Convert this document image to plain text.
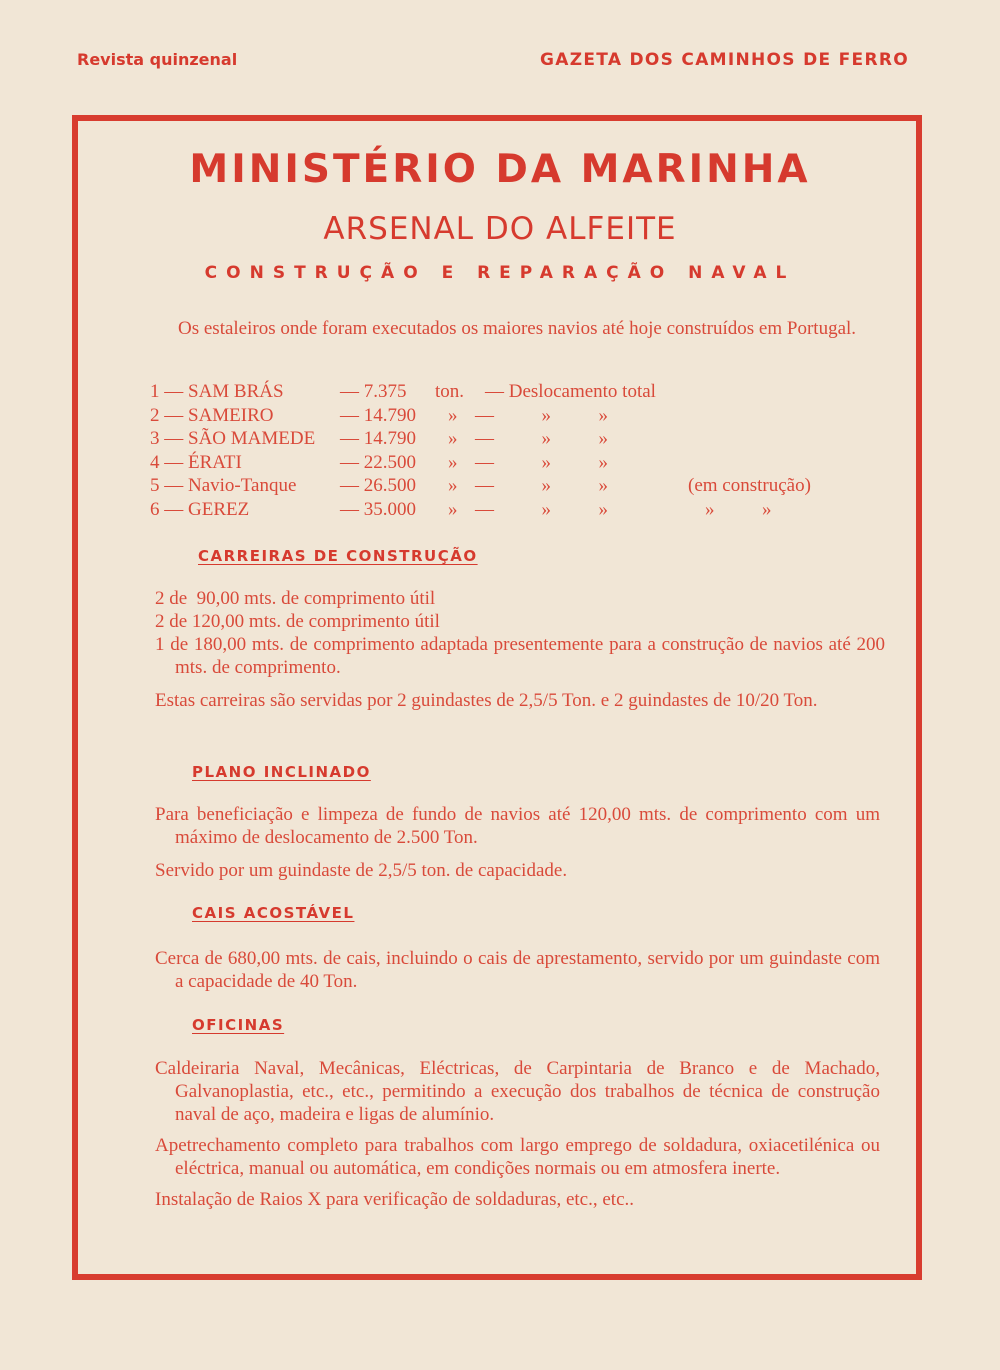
Revista quinzenal	GAZETA DOS CAMINHOS DE FERRO
MINISTÉRIO DA MARINHA
ARSENAL DO ALFEITE
CONSTRUÇÃO E REPARAÇÃO NAVAL
Os estaleiros onde foram executados os maiores navios até hoje construídos em Portugal.
1 — SAM BRÁS	— 7.375 ton. — Deslocamento total
2 — SAMEIRO	— 14.790 » —          »          »
3 — SÃO MAMEDE — 14.790 » —          »          »
4 — ÉRATI	— 22.500 » —          »          »
5 — Navio-Tanque — 26.500 » —          »          »	(em construção)
6 — GEREZ	— 35.000 » —          »          »	»          »
CARREIRAS DE CONSTRUÇÃO

2 de  90,00 mts. de comprimento útil

2 de 120,00 mts. de comprimento útil

1 de 180,00 mts. de comprimento adaptada presentemente para a construção de navios até 200 mts. de comprimento.

Estas carreiras são servidas por 2 guindastes de 2,5/5 Ton. e 2 guindastes de 10/20 Ton.

PLANO INCLINADO

Para beneficiação e limpeza de fundo de navios até 120,00 mts. de comprimento com um máximo de deslocamento de 2.500 Ton.

Servido por um guindaste de 2,5/5 ton. de capacidade.

CAIS ACOSTÁVEL

Cerca de 680,00 mts. de cais, incluindo o cais de aprestamento, servido por um guindaste com a capacidade de 40 Ton.

OFICINAS

Caldeiraria Naval, Mecânicas, Eléctricas, de Carpintaria de Branco e de Machado, Galvanoplastia, etc., etc., permitindo a execução dos trabalhos de técnica de construção naval de aço, madeira e ligas de alumínio.

Apetrechamento completo para trabalhos com largo emprego de soldadura, oxiacetilénica ou eléctrica, manual ou automática, em condições normais ou em atmosfera inerte.

Instalação de Raios X para verificação de soldaduras, etc., etc..
